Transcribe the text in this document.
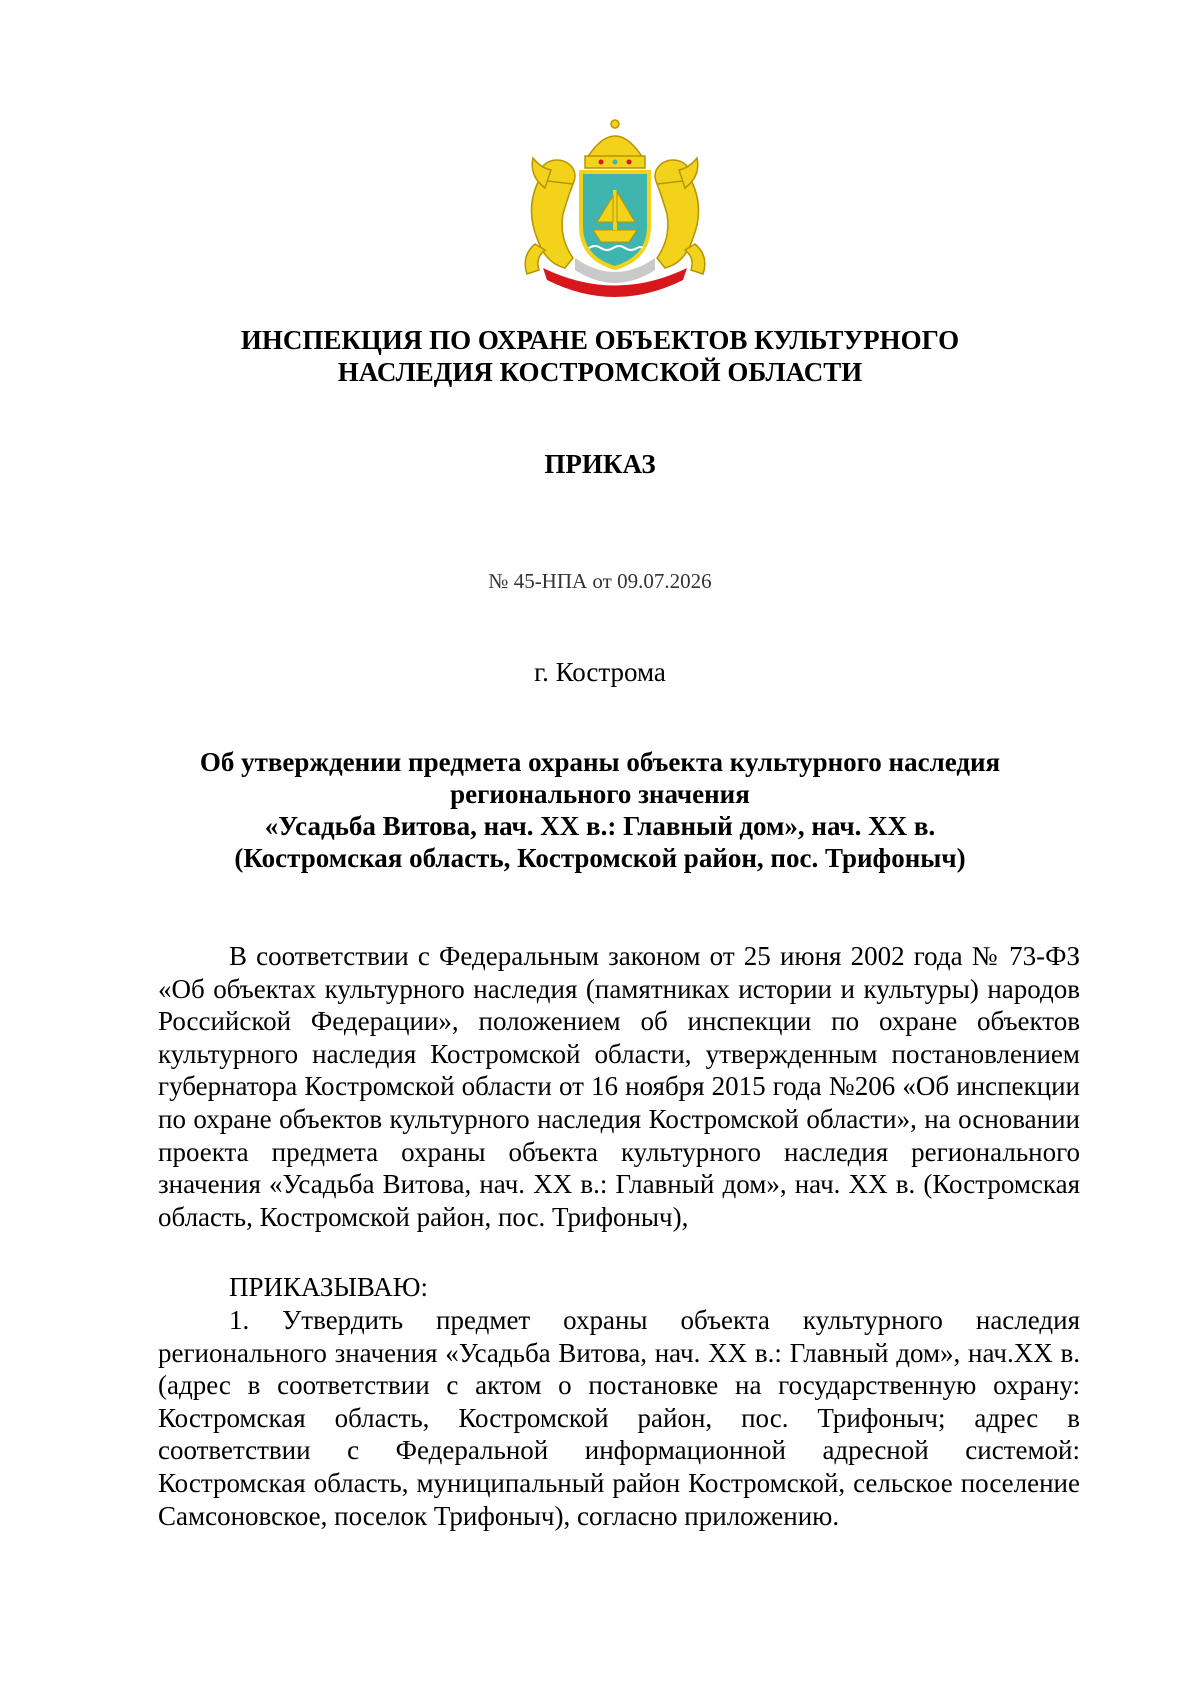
ИНСПЕКЦИЯ ПО ОХРАНЕ ОБЪЕКТОВ КУЛЬТУРНОГО
НАСЛЕДИЯ КОСТРОМСКОЙ ОБЛАСТИ
ПРИКАЗ
№ 45-НПА от 09.07.2026
г. Кострома
Об утверждении предмета охраны объекта культурного наследия
регионального значения
«Усадьба Витова, нач. XX в.: Главный дом», нач. XX в.
(Костромская область, Костромской район, пос. Трифоныч)

В соответствии с Федеральным законом от 25 июня 2002 года № 73-ФЗ «Об объектах культурного наследия (памятниках истории и культуры) народов Российской Федерации», положением об инспекции по охране объектов культурного наследия Костромской области, утвержденным постановлением губернатора Костромской области от 16 ноября 2015 года №206 «Об инспекции по охране объектов культурного наследия Костромской области», на основании проекта предмета охраны объекта культурного наследия регионального значения «Усадьба Витова, нач. XX в.: Главный дом», нач. XX в. (Костромская область, Костромской район, пос. Трифоныч),

ПРИКАЗЫВАЮ:

1. Утвердить предмет охраны объекта культурного наследия регионального значения «Усадьба Витова, нач. XX в.: Главный дом», нач.XX в. (адрес в соответствии с актом о постановке на государственную охрану: Костромская область, Костромской район, пос. Трифоныч; адрес в соответствии с Федеральной информационной адресной системой: Костромская область, муниципальный район Костромской, сельское поселение Самсоновское, поселок Трифоныч), согласно приложению.
